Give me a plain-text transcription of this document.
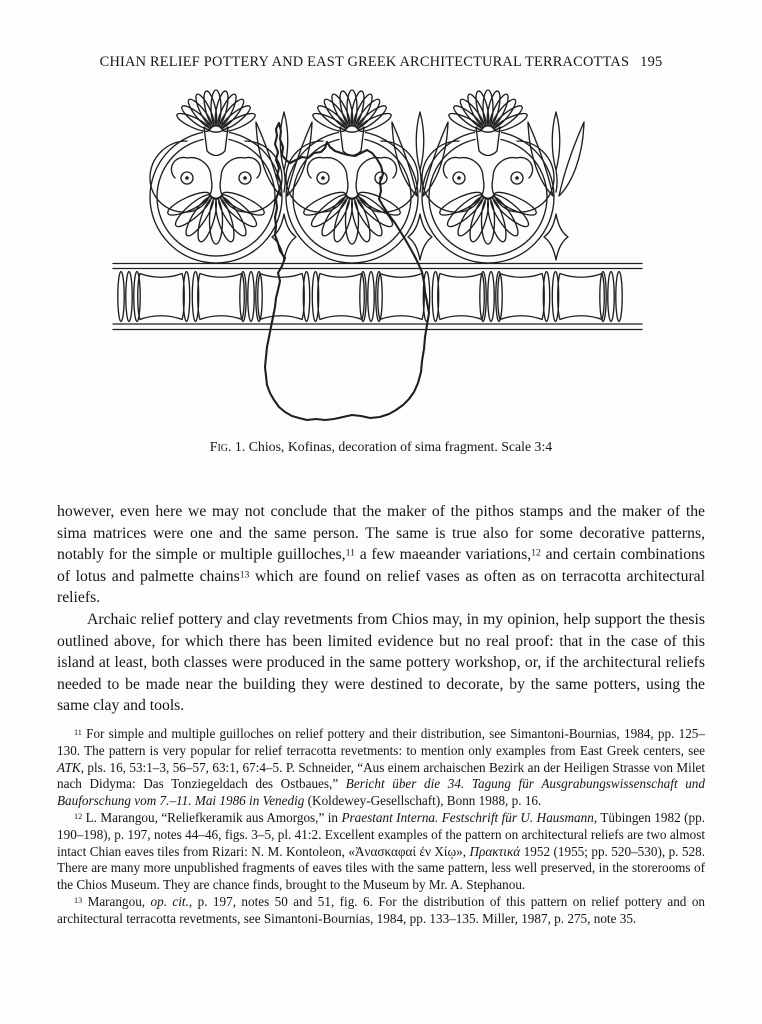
CHIAN RELIEF POTTERY AND EAST GREEK ARCHITECTURAL TERRACOTTAS 195
Fig. 1. Chios, Kofinas, decoration of sima fragment. Scale 3:4

however, even here we may not conclude that the maker of the pithos stamps and the maker of the sima matrices were one and the same person. The same is true also for some decorative patterns, notably for the simple or multiple guilloches,$^{11}$ a few maeander variations,$^{12}$ and certain combinations of lotus and palmette chains$^{13}$ which are found on relief vases as often as on terracotta architectural reliefs.

Archaic relief pottery and clay revetments from Chios may, in my opinion, help support the thesis outlined above, for which there has been limited evidence but no real proof: that in the case of this island at least, both classes were produced in the same pottery workshop, or, if the architectural reliefs needed to be made near the building they were destined to decorate, by the same potters, using the same clay and tools.

$^{11}$ For simple and multiple guilloches on relief pottery and their distribution, see Simantoni-Bournias, 1984, pp. 125–130. The pattern is very popular for relief terracotta revetments: to mention only examples from East Greek centers, see ATK, pls. 16, 53:1–3, 56–57, 63:1, 67:4–5. P. Schneider, “Aus einem archaischen Bezirk an der Heiligen Strasse von Milet nach Didyma: Das Tonziegeldach des Ostbaues,” Bericht über die 34. Tagung für Ausgrabungswissenschaft und Bauforschung vom 7.–11. Mai 1986 in Venedig (Koldewey-Gesellschaft), Bonn 1988, p. 16.

$^{12}$ L. Marangou, “Reliefkeramik aus Amorgos,” in Praestant Interna. Festschrift für U. Hausmann, Tübingen 1982 (pp. 190–198), p. 197, notes 44–46, figs. 3–5, pl. 41:2. Excellent examples of the pattern on architectural reliefs are two almost intact Chian eaves tiles from Rizari: N. M. Kontoleon, «Ἀνασκαφαί ἐν Χίῳ», Πρακτικά 1952 (1955; pp. 520–530), p. 528. There are many more unpublished fragments of eaves tiles with the same pattern, less well preserved, in the storerooms of the Chios Museum. They are chance finds, brought to the Museum by Mr. A. Stephanou.

$^{13}$ Marangou, op. cit., p. 197, notes 50 and 51, fig. 6. For the distribution of this pattern on relief pottery and on architectural terracotta revetments, see Simantoni-Bournias, 1984, pp. 133–135. Miller, 1987, p. 275, note 35.
